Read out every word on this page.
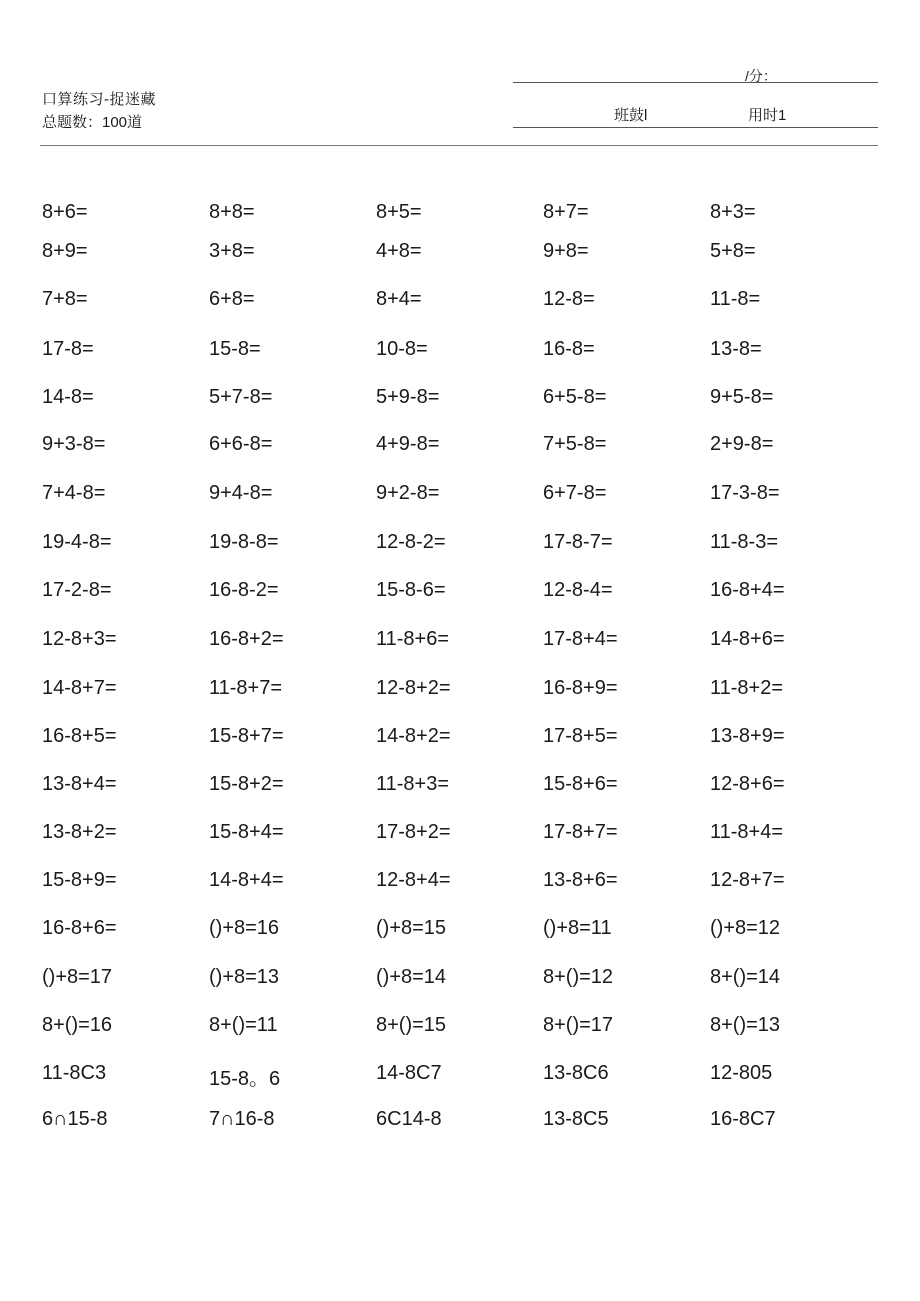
口算练习-捉迷藏
总题数：100道
/分：
班鼓l	用时1
8+6=	8+8=	8+5=	8+7=	8+3=
8+9=	3+8=	4+8=	9+8=	5+8=
7+8=	6+8=	8+4=	12-8=	11-8=
17-8=	15-8=	10-8=	16-8=	13-8=
14-8=	5+7-8=	5+9-8=	6+5-8=	9+5-8=
9+3-8=	6+6-8=	4+9-8=	7+5-8=	2+9-8=
7+4-8=	9+4-8=	9+2-8=	6+7-8=	17-3-8=
19-4-8=	19-8-8=	12-8-2=	17-8-7=	11-8-3=
17-2-8=	16-8-2=	15-8-6=	12-8-4=	16-8+4=
12-8+3=	16-8+2=	11-8+6=	17-8+4=	14-8+6=
14-8+7=	11-8+7=	12-8+2=	16-8+9=	11-8+2=
16-8+5=	15-8+7=	14-8+2=	17-8+5=	13-8+9=
13-8+4=	15-8+2=	11-8+3=	15-8+6=	12-8+6=
13-8+2=	15-8+4=	17-8+2=	17-8+7=	11-8+4=
15-8+9=	14-8+4=	12-8+4=	13-8+6=	12-8+7=
16-8+6=	()+8=16	()+8=15	()+8=11	()+8=12
()+8=17	()+8=13	()+8=14	8+()=12	8+()=14
8+()=16	8+()=11	8+()=15	8+()=17	8+()=13
11-8C3	15-8。6	14-8C7	13-8C6	12-805
6∩15-8	7∩16-8	6C14-8	13-8C5	16-8C7
